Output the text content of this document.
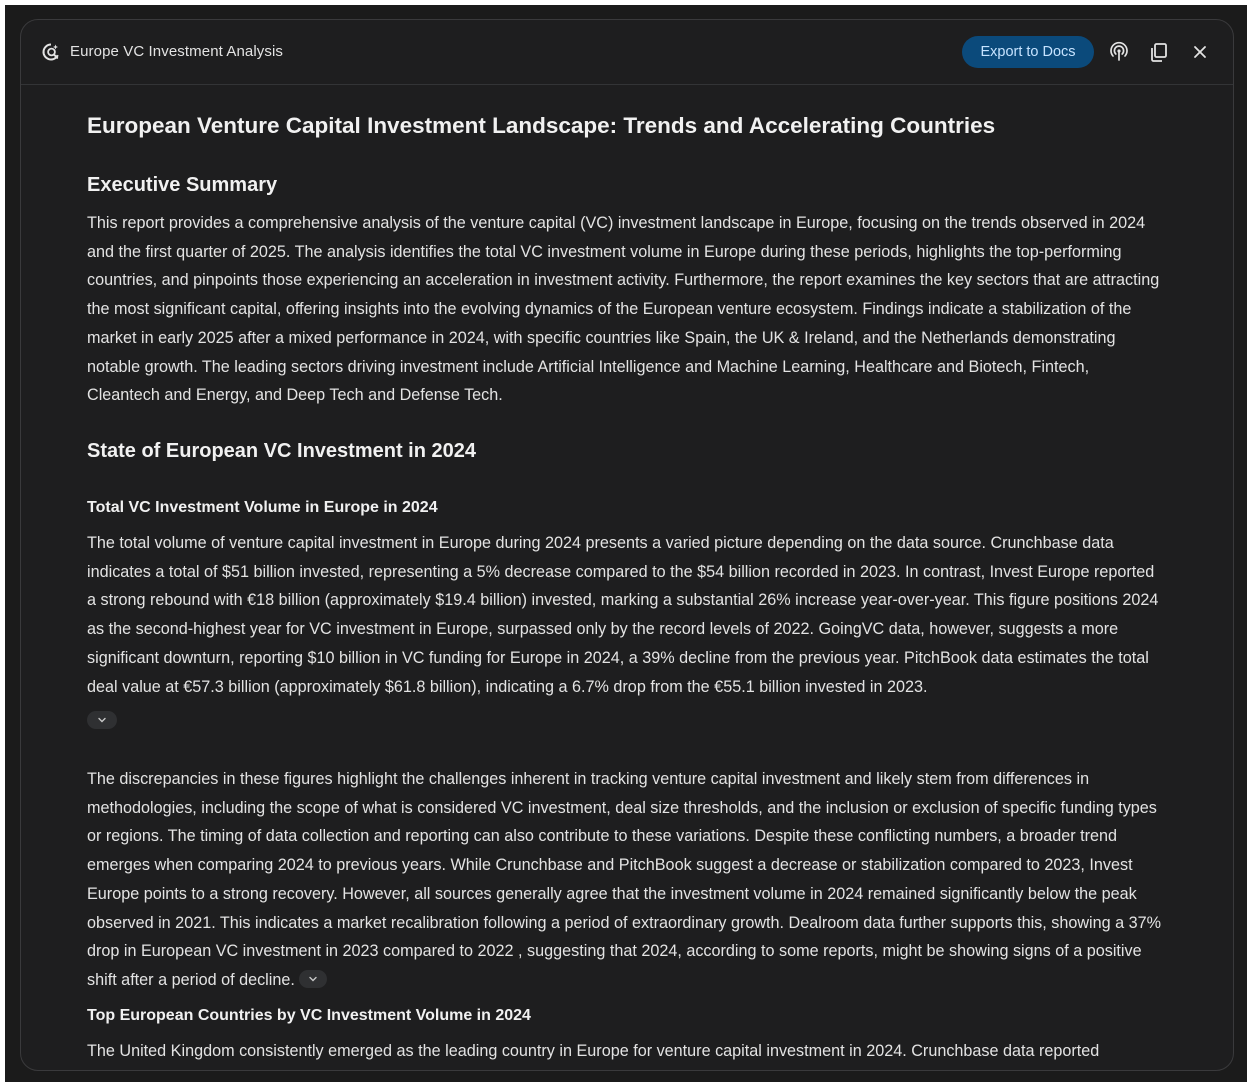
Europe VC Investment Analysis	Export to Docs
European Venture Capital Investment Landscape: Trends and Accelerating Countries
Executive Summary

This report provides a comprehensive analysis of the venture capital (VC) investment landscape in Europe, focusing on the trends observed in 2024 and the first quarter of 2025. The analysis identifies the total VC investment volume in Europe during these periods, highlights the top-performing countries, and pinpoints those experiencing an acceleration in investment activity. Furthermore, the report examines the key sectors that are attracting the most significant capital, offering insights into the evolving dynamics of the European venture ecosystem. Findings indicate a stabilization of the market in early 2025 after a mixed performance in 2024, with specific countries like Spain, the UK & Ireland, and the Netherlands demonstrating notable growth. The leading sectors driving investment include Artificial Intelligence and Machine Learning, Healthcare and Biotech, Fintech, Cleantech and Energy, and Deep Tech and Defense Tech.

State of European VC Investment in 2024
Total VC Investment Volume in Europe in 2024

The total volume of venture capital investment in Europe during 2024 presents a varied picture depending on the data source. Crunchbase data indicates a total of $51 billion invested, representing a 5% decrease compared to the $54 billion recorded in 2023. In contrast, Invest Europe reported a strong rebound with €18 billion (approximately $19.4 billion) invested, marking a substantial 26% increase year-over-year. This figure positions 2024 as the second-highest year for VC investment in Europe, surpassed only by the record levels of 2022. GoingVC data, however, suggests a more significant downturn, reporting $10 billion in VC funding for Europe in 2024, a 39% decline from the previous year. PitchBook data estimates the total deal value at €57.3 billion (approximately $61.8 billion), indicating a 6.7% drop from the €55.1 billion invested in 2023.

The discrepancies in these figures highlight the challenges inherent in tracking venture capital investment and likely stem from differences in methodologies, including the scope of what is considered VC investment, deal size thresholds, and the inclusion or exclusion of specific funding types or regions. The timing of data collection and reporting can also contribute to these variations. Despite these conflicting numbers, a broader trend emerges when comparing 2024 to previous years. While Crunchbase and PitchBook suggest a decrease or stabilization compared to 2023, Invest Europe points to a strong recovery. However, all sources generally agree that the investment volume in 2024 remained significantly below the peak observed in 2021. This indicates a market recalibration following a period of extraordinary growth. Dealroom data further supports this, showing a 37% drop in European VC investment in 2023 compared to 2022 , suggesting that 2024, according to some reports, might be showing signs of a positive shift after a period of decline.

Top European Countries by VC Investment Volume in 2024

The United Kingdom consistently emerged as the leading country in Europe for venture capital investment in 2024. Crunchbase data reported
